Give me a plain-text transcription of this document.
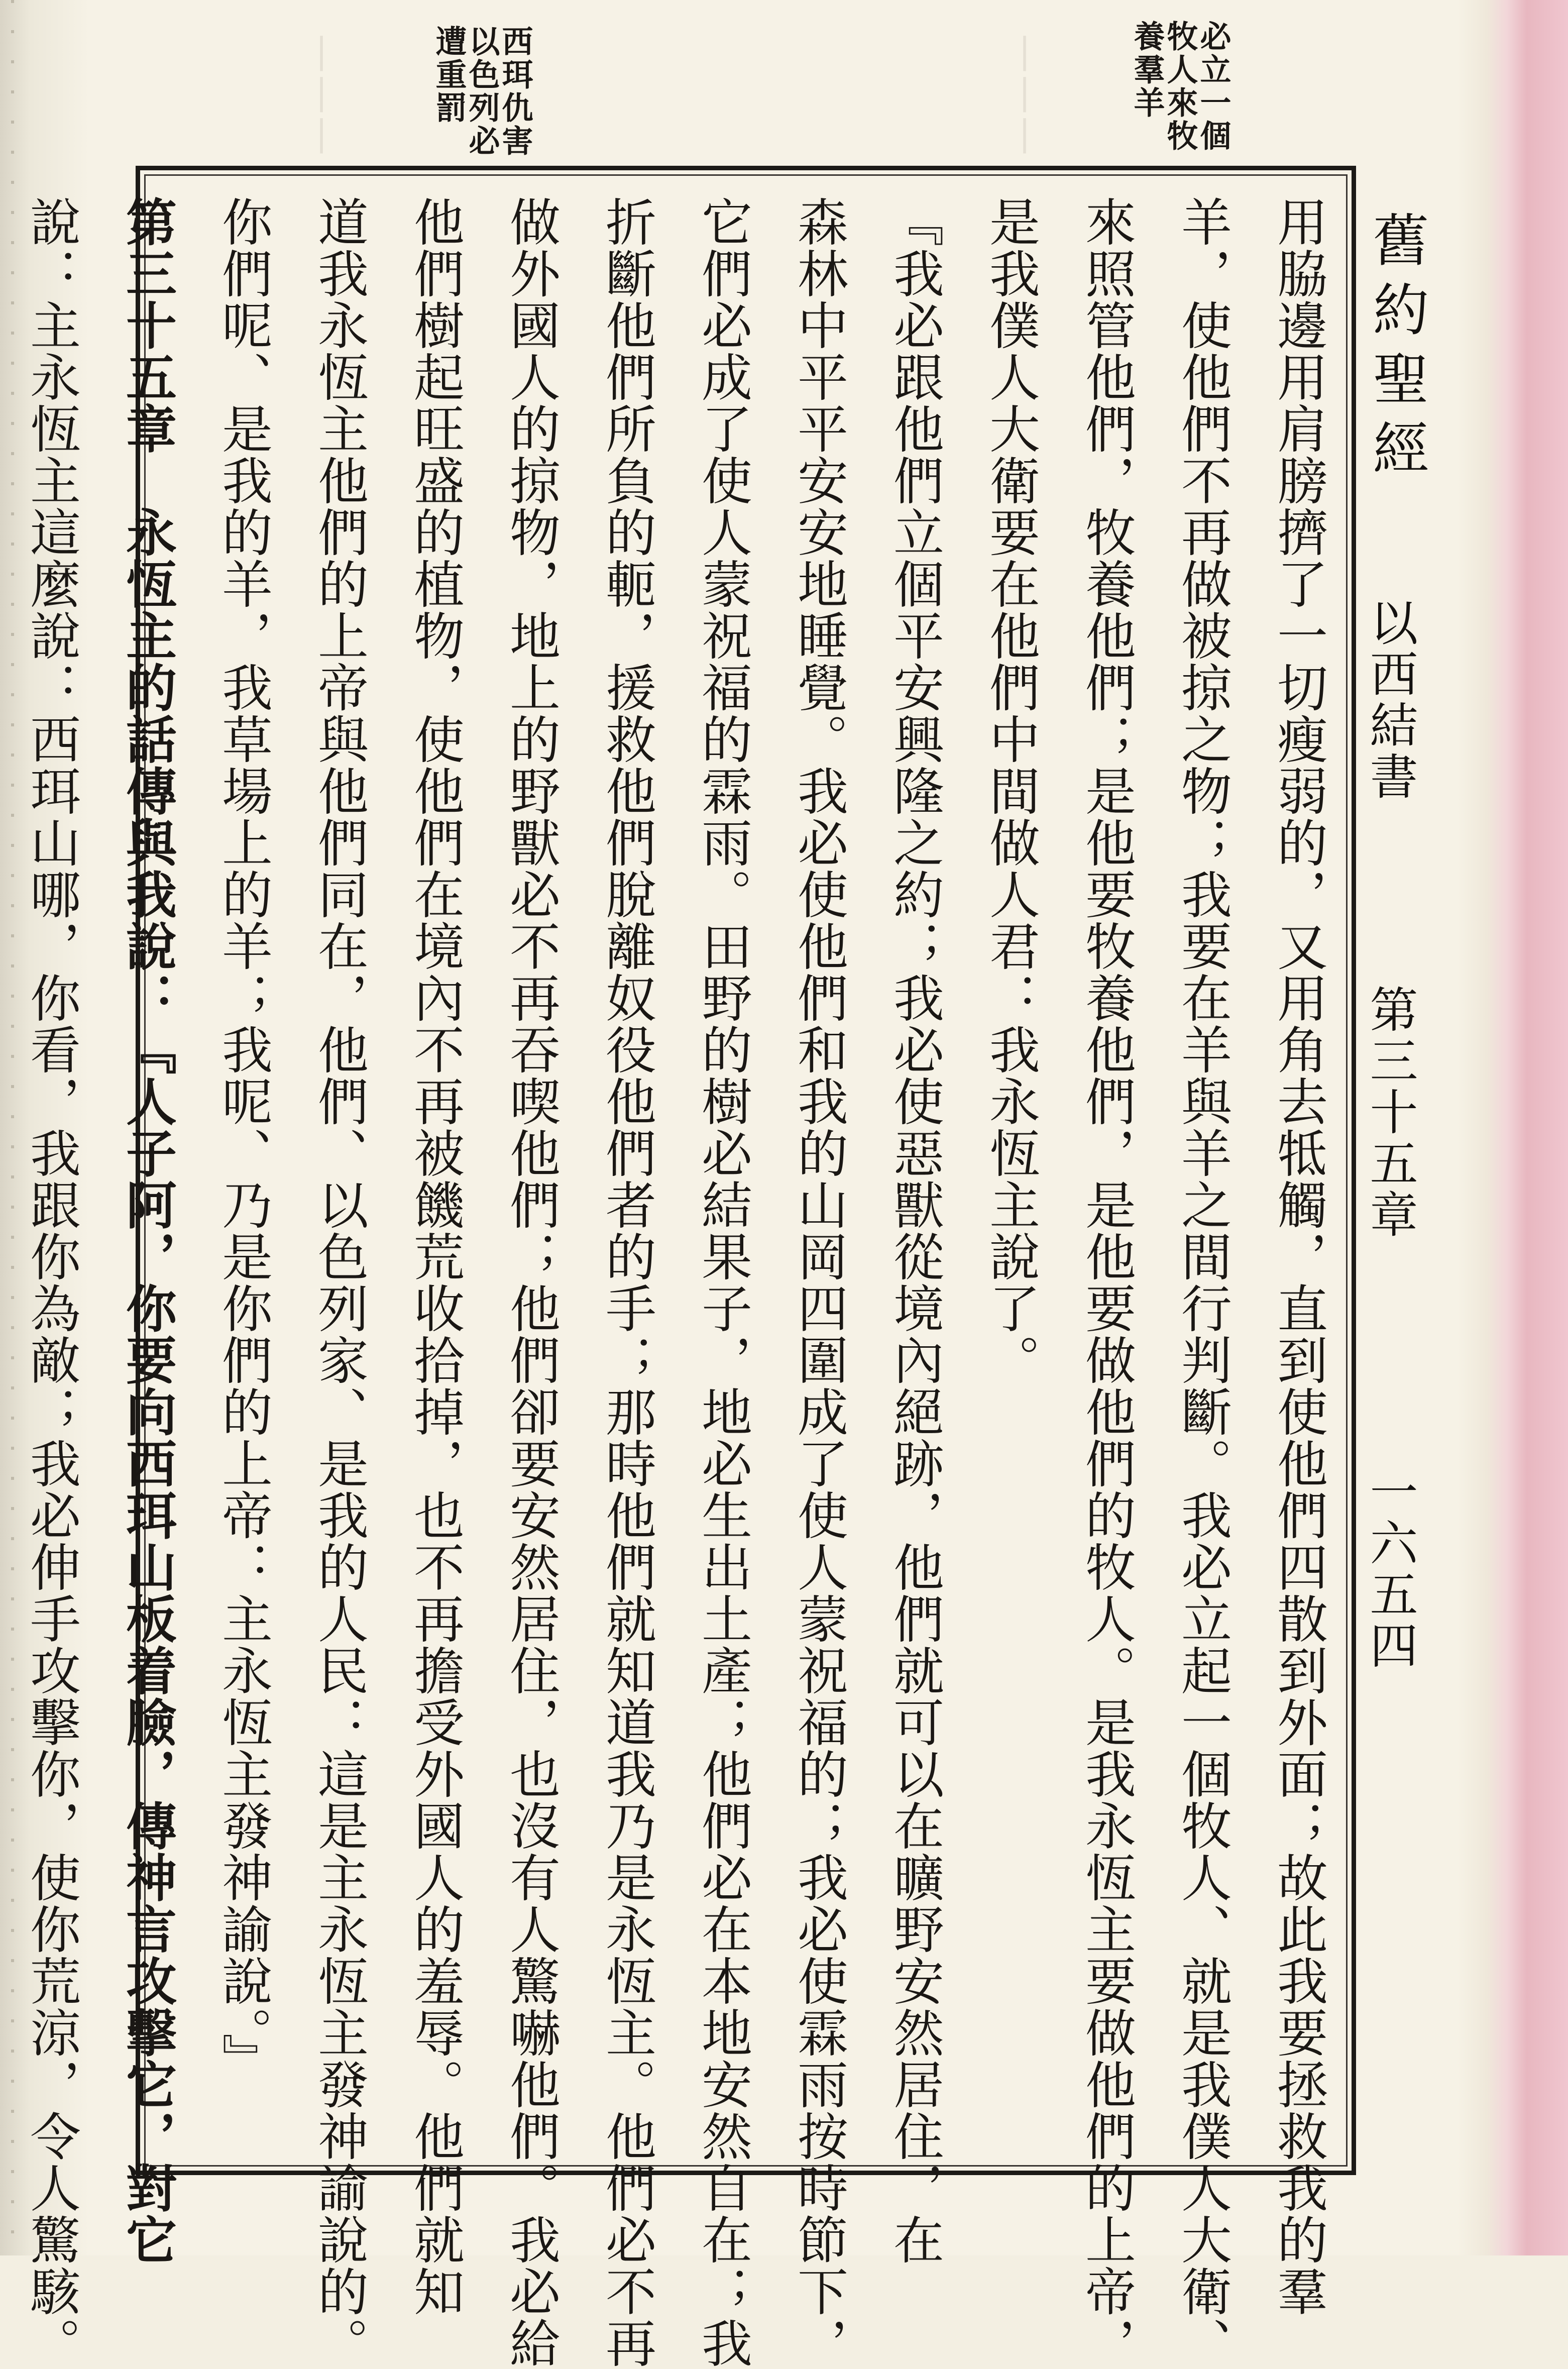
|||
|||	必立一個
牧人來牧
養羣羊
西珥仇害
以色列必
遭重罰
舊約聖經
以西結書
第三十五章
一六五四
用脇邊用肩膀擠了一切瘦弱的，又用角去牴觸，直到使他們四散到外面；故此我要拯救我的羣
羊，使他們不再做被掠之物；我要在羊與羊之間行判斷。我必立起一個牧人、就是我僕人大衛、
來照管他們，牧養他們；是他要牧養他們，是他要做他們的牧人。是我永恆主要做他們的上帝，
是我僕人大衛要在他們中間做人君：我永恆主說了。
『我必跟他們立個平安興隆之約；我必使惡獸從境內絕跡，他們就可以在曠野安然居住，在
森林中平平安安地睡覺。我必使他們和我的山岡四圍成了使人蒙祝福的；我必使霖雨按時節下，
它們必成了使人蒙祝福的霖雨。田野的樹必結果子，地必生出土產；他們必在本地安然自在；我
折斷他們所負的軛，援救他們脫離奴役他們者的手；那時他們就知道我乃是永恆主。他們必不再
做外國人的掠物，地上的野獸必不再吞喫他們；他們卻要安然居住，也沒有人驚嚇他們。我必給
他們樹起旺盛的植物，使他們在境內不再被饑荒收拾掉，也不再擔受外國人的羞辱。他們就知
道我永恆主他們的上帝與他們同在，他們、以色列家、是我的人民：這是主永恆主發神諭說的。
你們呢、是我的羊，我草場上的羊；我呢、乃是你們的上帝：主永恆主發神諭說。』
第三十五章　永恆主的話傳與我說：『人子阿，你要向西珥山板着臉，傳神言攻擊它，對它
說：主永恆主這麼說：西珥山哪，你看，我跟你為敵；我必伸手攻擊你，使你荒涼，令人驚駭。
